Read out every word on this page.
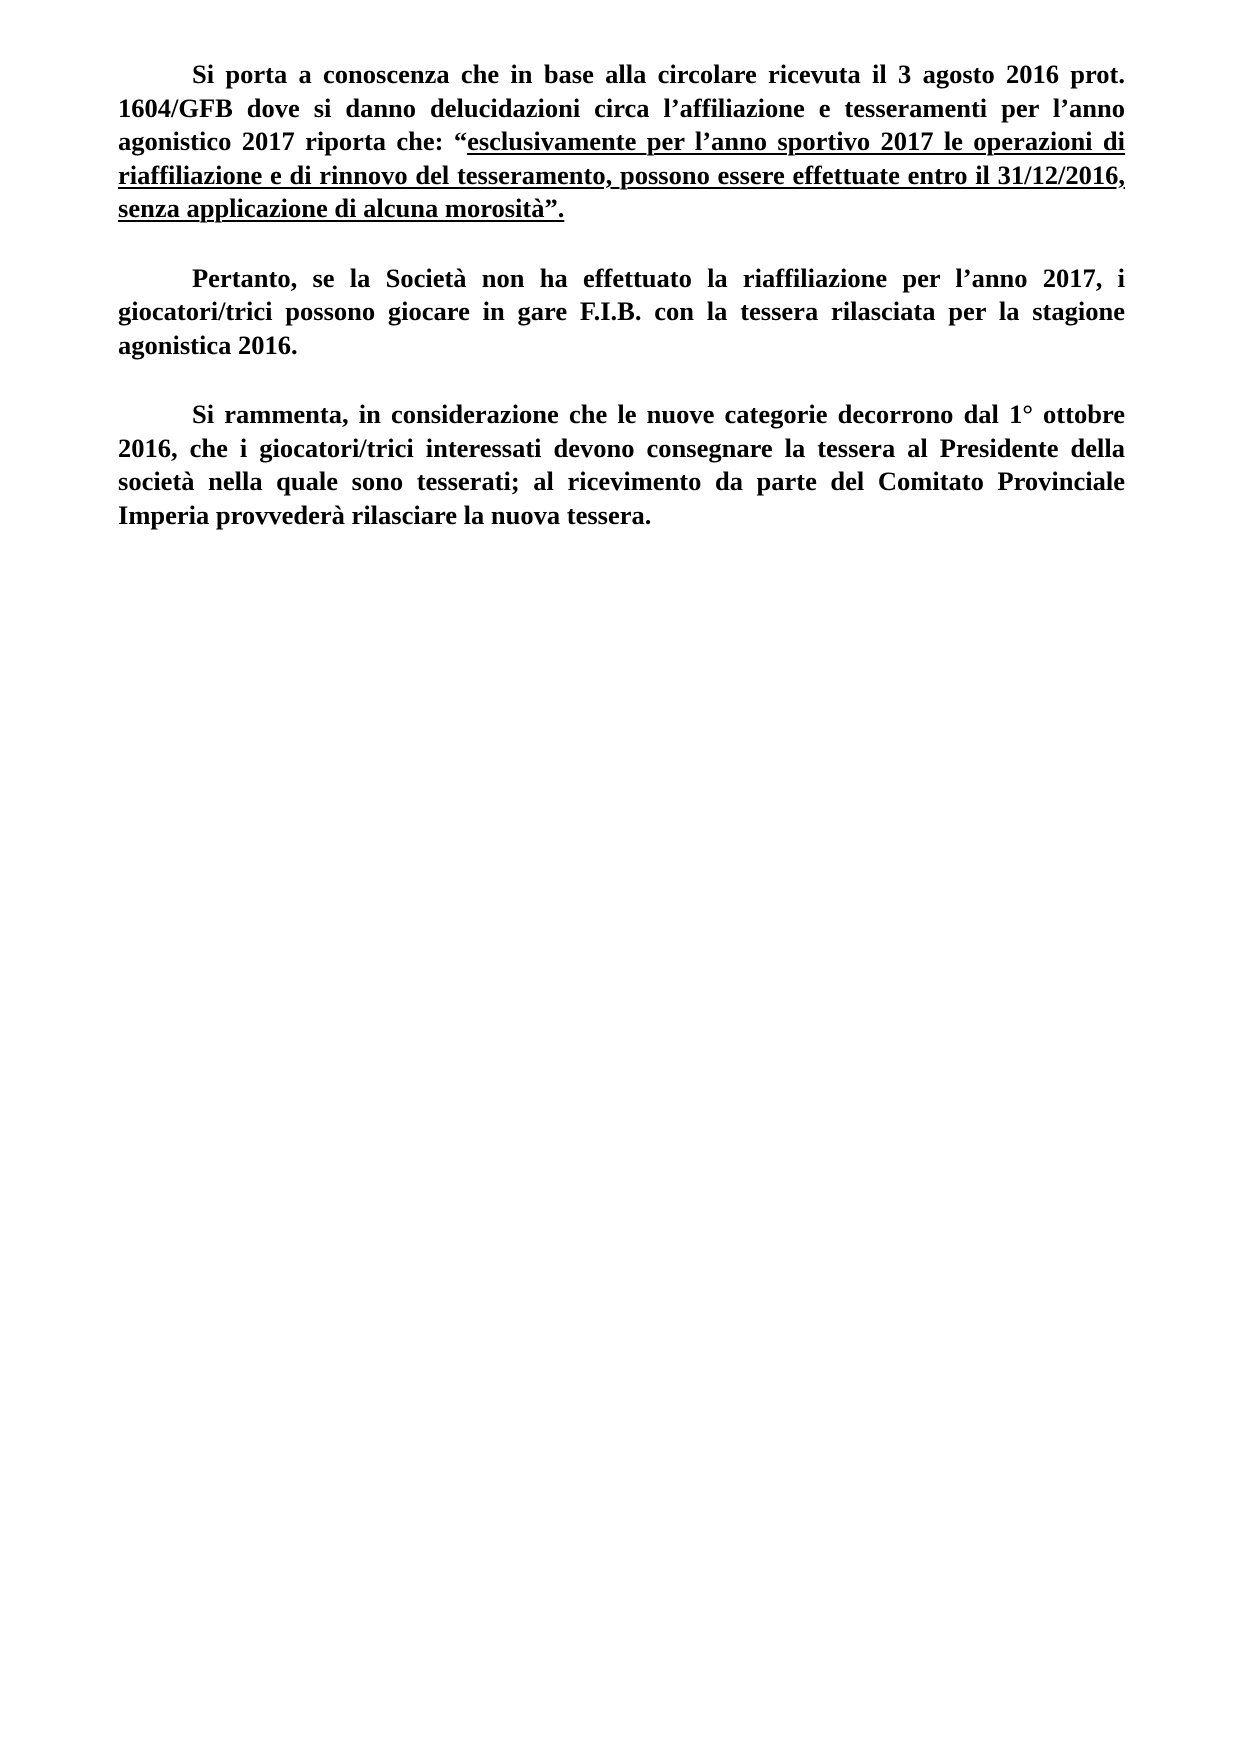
Si porta a conoscenza che in base alla circolare ricevuta il 3 agosto 2016 prot. 1604/GFB dove si danno delucidazioni circa l’affiliazione e tesseramenti per l’anno agonistico 2017 riporta che: “esclusivamente per l’anno sportivo 2017 le operazioni di riaffiliazione e di rinnovo del tesseramento, possono essere effettuate entro il 31/12/2016, senza applicazione di alcuna morosità”.

Pertanto, se la Società non ha effettuato la riaffiliazione per l’anno 2017, i giocatori/trici possono giocare in gare F.I.B. con la tessera rilasciata per la stagione agonistica 2016.

Si rammenta, in considerazione che le nuove categorie decorrono dal 1° ottobre 2016, che i giocatori/trici interessati devono consegnare la tessera al Presidente della società nella quale sono tesserati; al ricevimento da parte del Comitato Provinciale Imperia provvederà rilasciare la nuova tessera.
